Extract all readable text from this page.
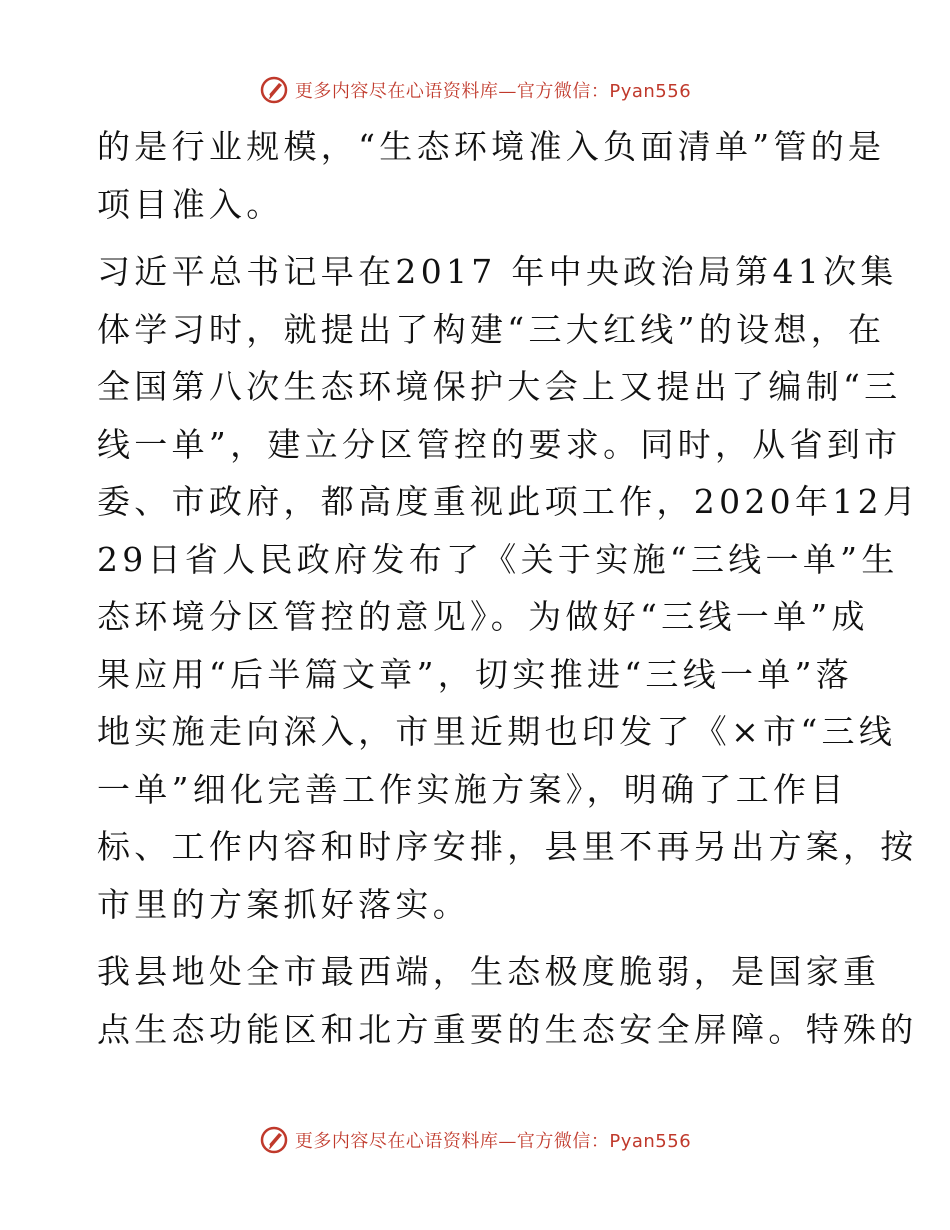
更多内容尽在心语资料库—官方微信：Pyan556
的是行业规模，“生态环境准入负面清单”管的是
项目准入。
习近平总书记早在2017 年中央政治局第41次集
体学习时，就提出了构建“三大红线”的设想，在
全国第八次生态环境保护大会上又提出了编制“三
线一单”，建立分区管控的要求。同时，从省到市
委、市政府，都高度重视此项工作，2020年12月
29日省人民政府发布了《关于实施“三线一单”生
态环境分区管控的意见》。为做好“三线一单”成
果应用“后半篇文章”，切实推进“三线一单”落
地实施走向深入，市里近期也印发了《×市“三线
一单”细化完善工作实施方案》，明确了工作目
标、工作内容和时序安排，县里不再另出方案，按
市里的方案抓好落实。
我县地处全市最西端，生态极度脆弱，是国家重
点生态功能区和北方重要的生态安全屏障。特殊的
更多内容尽在心语资料库—官方微信：Pyan556
